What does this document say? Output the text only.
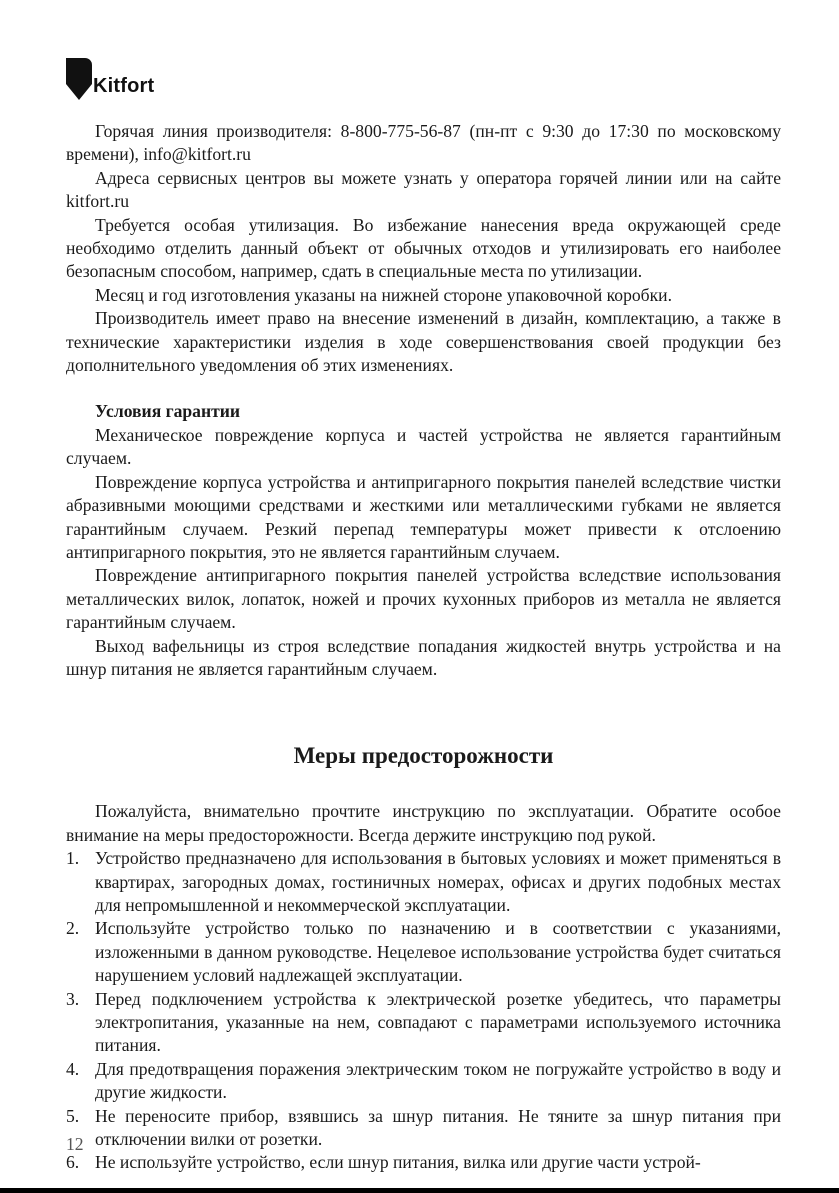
Kitfort

Горячая линия производителя: 8-800-775-56-87 (пн-пт с 9:30 до 17:30 по московскому времени), info@kitfort.ru

Адреса сервисных центров вы можете узнать у оператора горячей линии или на сайте kitfort.ru

Требуется особая утилизация. Во избежание нанесения вреда окружающей среде необходимо отделить данный объект от обычных отходов и утилизировать его наиболее безопасным способом, например, сдать в специальные места по утилизации.

Месяц и год изготовления указаны на нижней стороне упаковочной коробки.

Производитель имеет право на внесение изменений в дизайн, комплектацию, а также в технические характеристики изделия в ходе совершенствования своей продукции без дополнительного уведомления об этих изменениях.

Условия гарантии

Механическое повреждение корпуса и частей устройства не является гарантийным случаем.

Повреждение корпуса устройства и антипригарного покрытия панелей вследствие чистки абразивными моющими средствами и жесткими или металлическими губками не является гарантийным случаем. Резкий перепад температуры может привести к отслоению антипригарного покрытия, это не является гарантийным случаем.

Повреждение антипригарного покрытия панелей устройства вследствие использования металлических вилок, лопаток, ножей и прочих кухонных приборов из металла не является гарантийным случаем.

Выход вафельницы из строя вследствие попадания жидкостей внутрь устройства и на шнур питания не является гарантийным случаем.

Меры предосторожности

Пожалуйста, внимательно прочтите инструкцию по эксплуатации. Обратите особое внимание на меры предосторожности. Всегда держите инструкцию под рукой.

1. Устройство предназначено для использования в бытовых условиях и может применяться в квартирах, загородных домах, гостиничных номерах, офисах и других подобных местах для непромышленной и некоммерческой эксплуатации.
2. Используйте устройство только по назначению и в соответствии с указаниями, изложенными в данном руководстве. Нецелевое использование устройства будет считаться нарушением условий надлежащей эксплуатации.
3. Перед подключением устройства к электрической розетке убедитесь, что параметры электропитания, указанные на нем, совпадают с параметрами используемого источника питания.
4. Для предотвращения поражения электрическим током не погружайте устройство в воду и другие жидкости.
5. Не переносите прибор, взявшись за шнур питания. Не тяните за шнур питания при отключении вилки от розетки.
6. Не используйте устройство, если шнур питания, вилка или другие части устрой-
12
